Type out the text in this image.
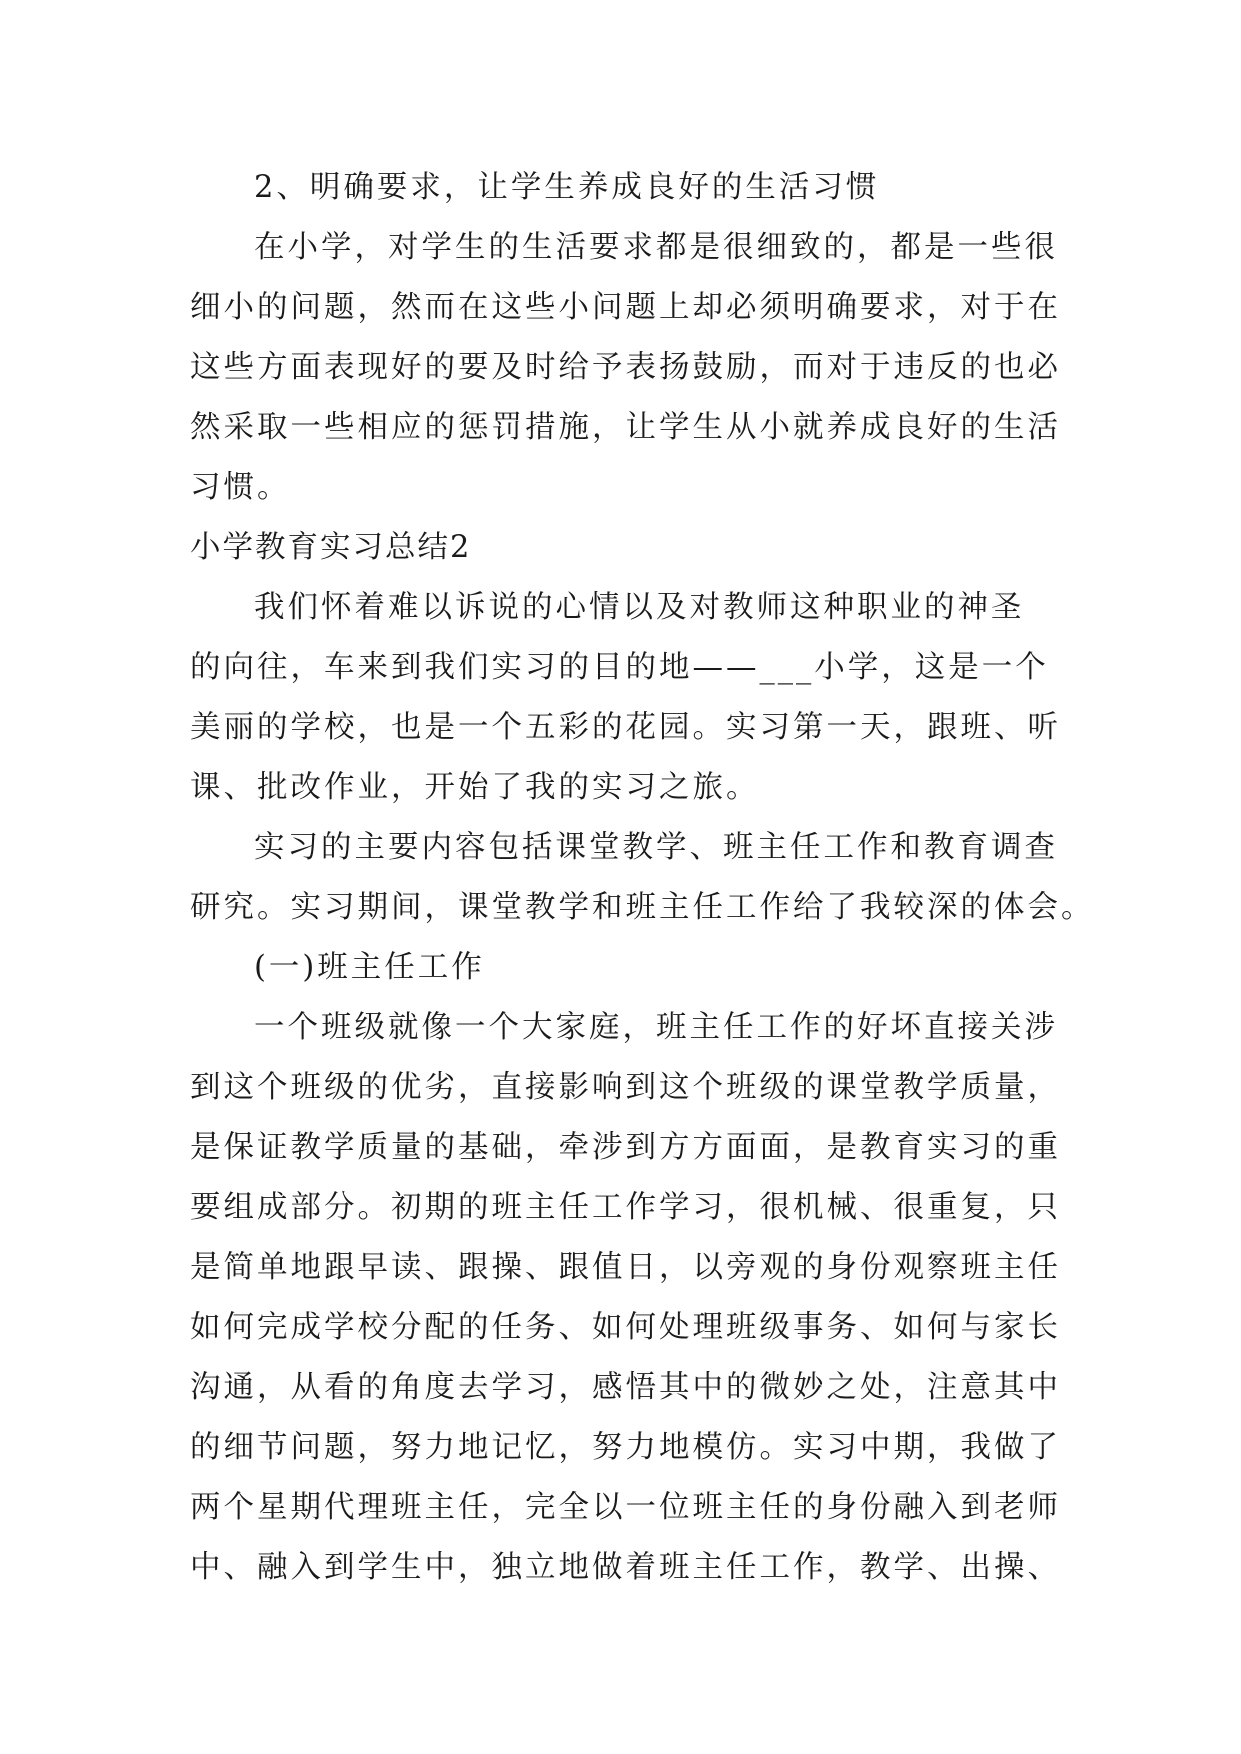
2、明确要求，让学生养成良好的生活习惯
在小学，对学生的生活要求都是很细致的，都是一些很
细小的问题，然而在这些小问题上却必须明确要求，对于在
这些方面表现好的要及时给予表扬鼓励，而对于违反的也必
然采取一些相应的惩罚措施，让学生从小就养成良好的生活
习惯。
小学教育实习总结2
我们怀着难以诉说的心情以及对教师这种职业的神圣
的向往，车来到我们实习的目的地——___小学，这是一个
美丽的学校，也是一个五彩的花园。实习第一天，跟班、听
课、批改作业，开始了我的实习之旅。
实习的主要内容包括课堂教学、班主任工作和教育调查
研究。实习期间，课堂教学和班主任工作给了我较深的体会。
(一)班主任工作
一个班级就像一个大家庭，班主任工作的好坏直接关涉
到这个班级的优劣，直接影响到这个班级的课堂教学质量，
是保证教学质量的基础，牵涉到方方面面，是教育实习的重
要组成部分。初期的班主任工作学习，很机械、很重复，只
是简单地跟早读、跟操、跟值日，以旁观的身份观察班主任
如何完成学校分配的任务、如何处理班级事务、如何与家长
沟通，从看的角度去学习，感悟其中的微妙之处，注意其中
的细节问题，努力地记忆，努力地模仿。实习中期，我做了
两个星期代理班主任，完全以一位班主任的身份融入到老师
中、融入到学生中，独立地做着班主任工作，教学、出操、
